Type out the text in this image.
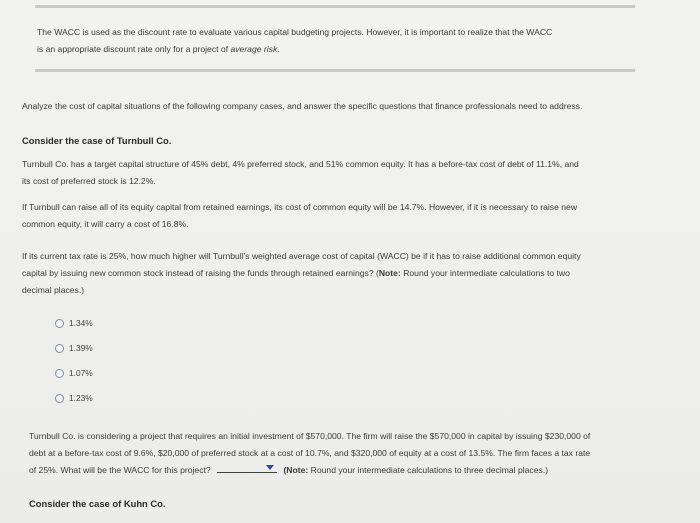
The WACC is used as the discount rate to evaluate various capital budgeting projects. However, it is important to realize that the WACC
is an appropriate discount rate only for a project of average risk.
Analyze the cost of capital situations of the following company cases, and answer the specific questions that finance professionals need to address.
Consider the case of Turnbull Co.
Turnbull Co. has a target capital structure of 45% debt, 4% preferred stock, and 51% common equity. It has a before-tax cost of debt of 11.1%, and
its cost of preferred stock is 12.2%.
If Turnbull can raise all of its equity capital from retained earnings, its cost of common equity will be 14.7%. However, if it is necessary to raise new
common equity, it will carry a cost of 16.8%.
If its current tax rate is 25%, how much higher will Turnbull's weighted average cost of capital (WACC) be if it has to raise additional common equity
capital by issuing new common stock instead of raising the funds through retained earnings? (Note: Round your intermediate calculations to two
decimal places.)
1.34%
1.39%
1.07%
1.23%
Turnbull Co. is considering a project that requires an initial investment of $570,000. The firm will raise the $570,000 in capital by issuing $230,000 of
debt at a before-tax cost of 9.6%, $20,000 of preferred stock at a cost of 10.7%, and $320,000 of equity at a cost of 13.5%. The firm faces a tax rate
of 25%. What will be the WACC for this project?	(Note: Round your intermediate calculations to three decimal places.)
Consider the case of Kuhn Co.
